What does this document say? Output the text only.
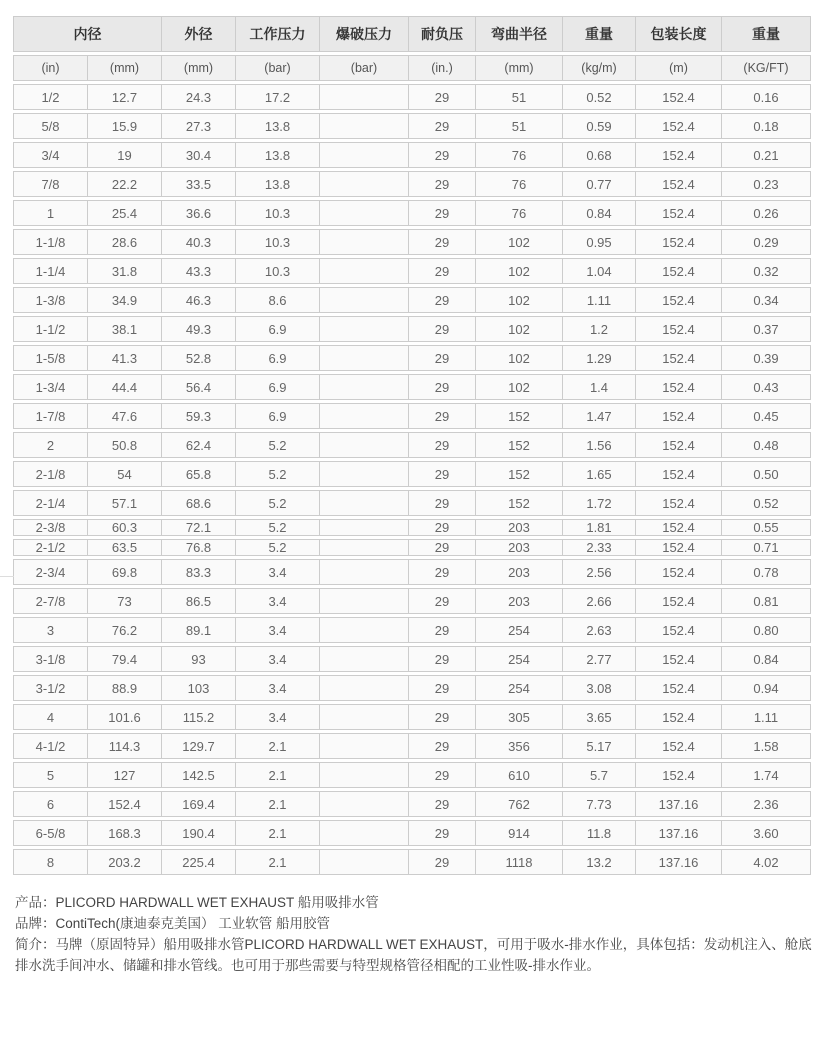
内径		外径	工作压力	爆破压力	耐负压	弯曲半径	重量	包装长度	重量
(in)	(mm)	(mm)	(bar)	(bar)	(in.)	(mm)	(kg/m)	(m)	(KG/FT)
1/2	12.7	24.3	17.2		29	51	0.52	152.4	0.16
5/8	15.9	27.3	13.8		29	51	0.59	152.4	0.18
3/4	19	30.4	13.8		29	76	0.68	152.4	0.21
7/8	22.2	33.5	13.8		29	76	0.77	152.4	0.23
1	25.4	36.6	10.3		29	76	0.84	152.4	0.26
1-1/8	28.6	40.3	10.3		29	102	0.95	152.4	0.29
1-1/4	31.8	43.3	10.3		29	102	1.04	152.4	0.32
1-3/8	34.9	46.3	8.6		29	102	1.11	152.4	0.34
1-1/2	38.1	49.3	6.9		29	102	1.2	152.4	0.37
1-5/8	41.3	52.8	6.9		29	102	1.29	152.4	0.39
1-3/4	44.4	56.4	6.9		29	102	1.4	152.4	0.43
1-7/8	47.6	59.3	6.9		29	152	1.47	152.4	0.45
2	50.8	62.4	5.2		29	152	1.56	152.4	0.48
2-1/8	54	65.8	5.2		29	152	1.65	152.4	0.50
2-1/4	57.1	68.6	5.2		29	152	1.72	152.4	0.52
2-3/8	60.3	72.1	5.2		29	203	1.81	152.4	0.55
2-1/2	63.5	76.8	5.2		29	203	2.33	152.4	0.71
2-3/4	69.8	83.3	3.4		29	203	2.56	152.4	0.78
2-7/8	73	86.5	3.4		29	203	2.66	152.4	0.81
3	76.2	89.1	3.4		29	254	2.63	152.4	0.80
3-1/8	79.4	93	3.4		29	254	2.77	152.4	0.84
3-1/2	88.9	103	3.4		29	254	3.08	152.4	0.94
4	101.6	115.2	3.4		29	305	3.65	152.4	1.11
4-1/2	114.3	129.7	2.1		29	356	5.17	152.4	1.58
5	127	142.5	2.1		29	610	5.7	152.4	1.74
6	152.4	169.4	2.1		29	762	7.73	137.16	2.36
6-5/8	168.3	190.4	2.1		29	914	11.8	137.16	3.60
8	203.2	225.4	2.1		29	1118	13.2	137.16	4.02

产品：PLICORD HARDWALL WET EXHAUST 船用吸排水管

品牌：ContiTech(康迪泰克美国） 工业软管 船用胶管

简介：马牌（原固特异）船用吸排水管PLICORD HARDWALL WET EXHAUST，可用于吸水-排水作业，具体包括：发动机注入、舱底排水洗手间冲水、储罐和排水管线。也可用于那些需要与特型规格管径相配的工业性吸-排水作业。
